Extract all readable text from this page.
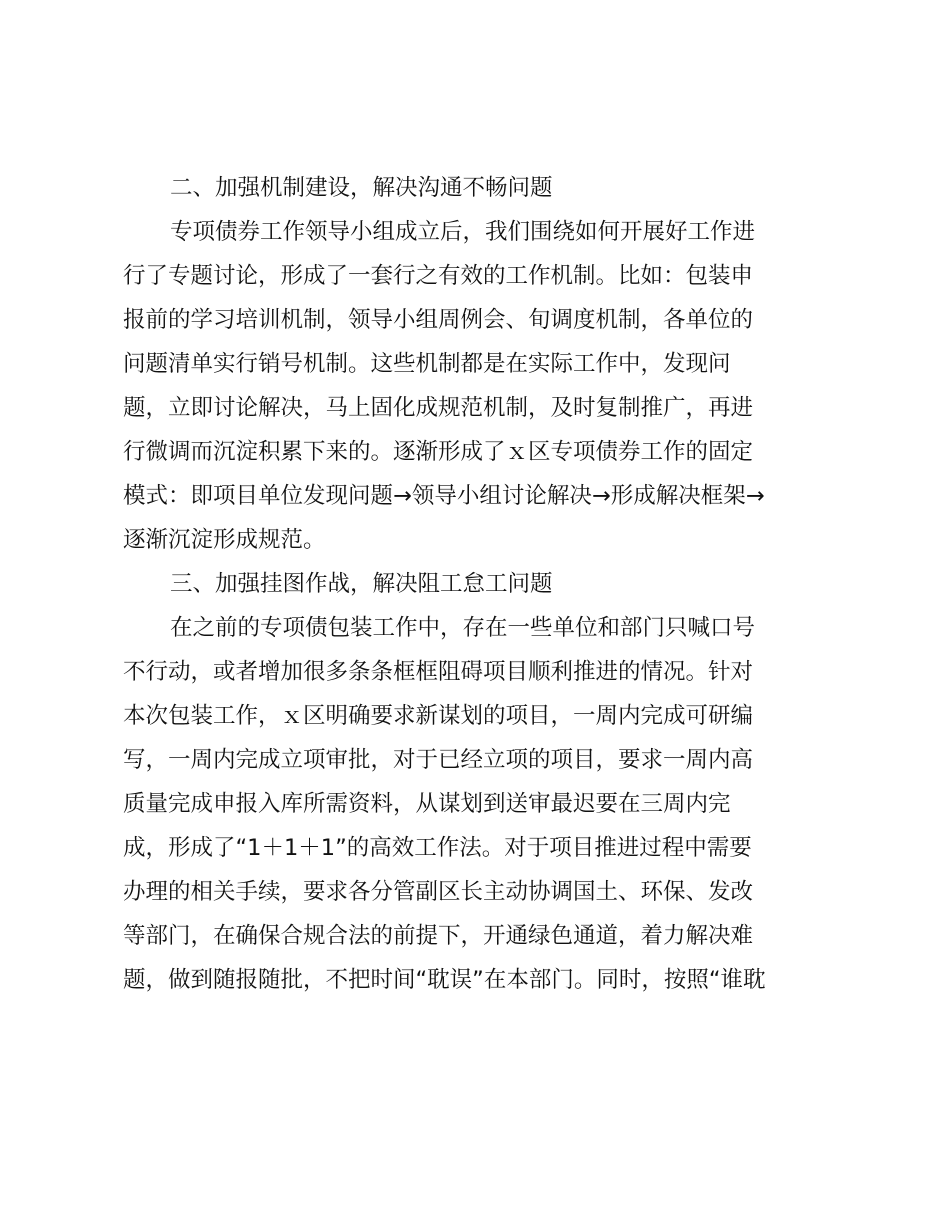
二、加强机制建设，解决沟通不畅问题
专项债券工作领导小组成立后，我们围绕如何开展好工作进
行了专题讨论，形成了一套行之有效的工作机制。比如：包装申
报前的学习培训机制，领导小组周例会、旬调度机制，各单位的
问题清单实行销号机制。这些机制都是在实际工作中，发现问
题，立即讨论解决，马上固化成规范机制，及时复制推广，再进
行微调而沉淀积累下来的。逐渐形成了ｘ区专项债券工作的固定
模式：即项目单位发现问题→领导小组讨论解决→形成解决框架→
逐渐沉淀形成规范。
三、加强挂图作战，解决阻工怠工问题
在之前的专项债包装工作中，存在一些单位和部门只喊口号
不行动，或者增加很多条条框框阻碍项目顺利推进的情况。针对
本次包装工作，ｘ区明确要求新谋划的项目，一周内完成可研编
写，一周内完成立项审批，对于已经立项的项目，要求一周内高
质量完成申报入库所需资料，从谋划到送审最迟要在三周内完
成，形成了“1＋1＋1”的高效工作法。对于项目推进过程中需要
办理的相关手续，要求各分管副区长主动协调国土、环保、发改
等部门，在确保合规合法的前提下，开通绿色通道，着力解决难
题，做到随报随批，不把时间“耽误”在本部门。同时，按照“谁耽
